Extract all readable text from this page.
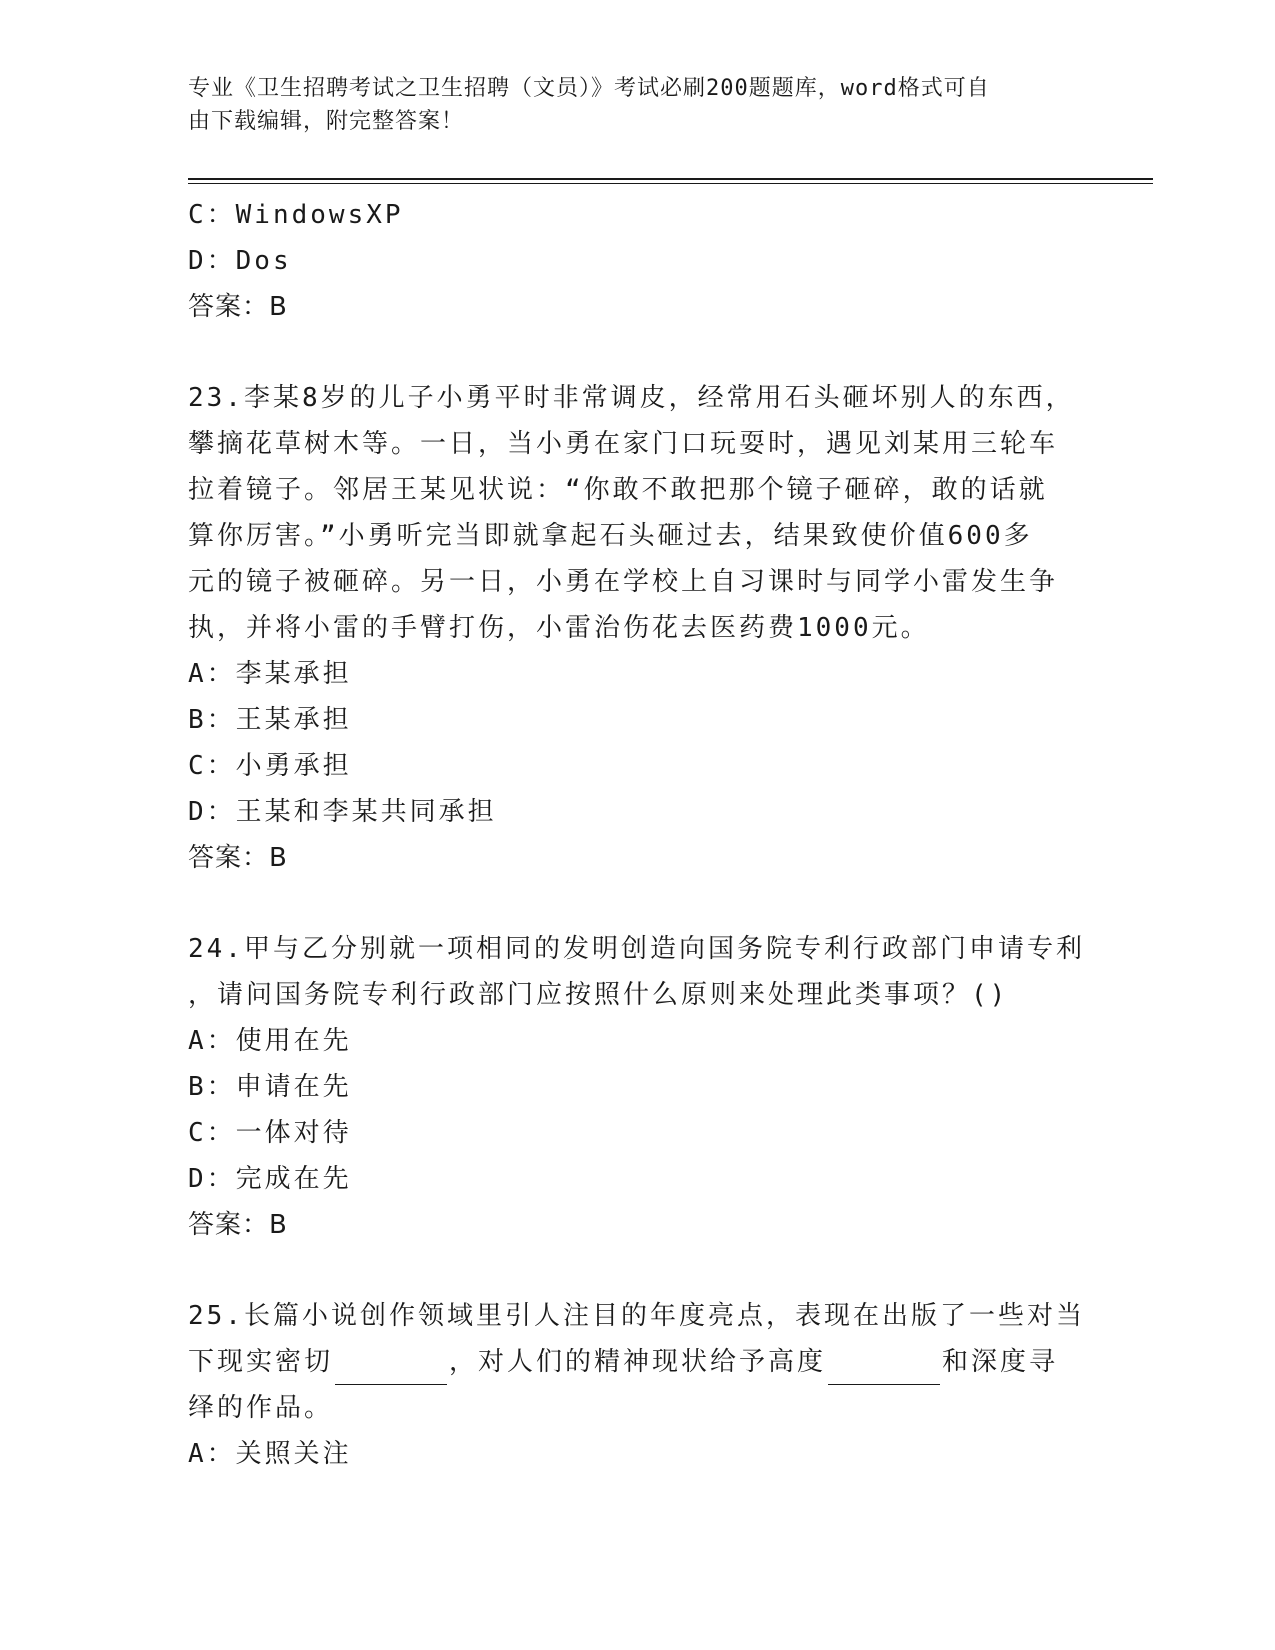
专业《卫生招聘考试之卫生招聘（文员）》考试必刷200题题库，word格式可自
由下载编辑，附完整答案！
C：WindowsXP
D：Dos
答案：B
23.李某8岁的儿子小勇平时非常调皮，经常用石头砸坏别人的东西，
攀摘花草树木等。一日，当小勇在家门口玩耍时，遇见刘某用三轮车
拉着镜子。邻居王某见状说：“你敢不敢把那个镜子砸碎，敢的话就
算你厉害。”小勇听完当即就拿起石头砸过去，结果致使价值600多
元的镜子被砸碎。另一日，小勇在学校上自习课时与同学小雷发生争
执，并将小雷的手臂打伤，小雷治伤花去医药费1000元。
A：李某承担
B：王某承担
C：小勇承担
D：王某和李某共同承担
答案：B
24.甲与乙分别就一项相同的发明创造向国务院专利行政部门申请专利
，请问国务院专利行政部门应按照什么原则来处理此类事项？()
A：使用在先
B：申请在先
C：一体对待
D：完成在先
答案：B
25.长篇小说创作领域里引人注目的年度亮点，表现在出版了一些对当
下现实密切	，对人们的精神现状给予高度	和深度寻
绎的作品。
A：关照关注
